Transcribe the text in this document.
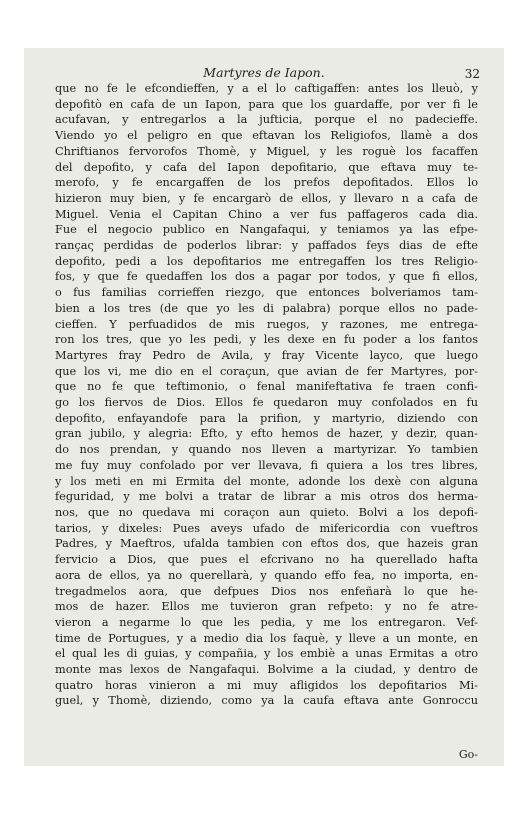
Martyres de Iapon.	32
que no fe le efcondieffen, y a el lo caftigaffen: antes los lleuò, y
depofitò en cafa de un Iapon, para que los guardaffe, por ver fi le
acufavan, y entregarlos a la jufticia, porque el no padecieffe.
Viendo yo el peligro en que eftavan los Religiofos, llamè a dos
Chriftianos fervorofos Thomè, y Miguel, y les roguè los facaffen
del depofito, y cafa del Iapon depofitario, que eftava muy te-
merofo, y fe encargaffen de los prefos depofitados. Ellos lo
hizieron muy bien, y fe encargarò de ellos, y llevaro n a cafa de
Miguel. Venia el Capitan Chino a ver fus paffageros cada dia.
Fue el negocio publico en Nangafaqui, y teniamos ya las efpe-
rançaς perdidas de poderlos librar: y paffados feys dias de efte
depofito, pedi a los depofitarios me entregaffen los tres Religio-
fos, y que fe quedaffen los dos a pagar por todos, y que fi ellos,
o fus familias corrieffen riezgo, que entonces bolveriamos tam-
bien a los tres (de que yo les di palabra) porque ellos no pade-
cieffen. Y perfuadidos de mis ruegos, y razones, me entrega-
ron los tres, que yo les pedi, y les dexe en fu poder a los fantos
Martyres fray Pedro de Avila, y fray Vicente layco, que luego
que los vi, me dio en el coraçun, que avian de fer Martyres, por-
que no fe que teftimonio, o fenal manifeftativa fe traen confi-
go los fiervos de Dios. Ellos fe quedaron muy confolados en fu
depofito, enfayandofe para la prifion, y martyrio, diziendo con
gran jubilo, y alegria: Efto, y efto hemos de hazer, y dezir, quan-
do nos prendan, y quando nos lleven a martyrizar. Yo tambien
me fuy muy confolado por ver llevava, fi quiera a los tres libres,
y los meti en mi Ermita del monte, adonde los dexè con alguna
feguridad, y me bolvi a tratar de librar a mis otros dos herma-
nos, que no quedava mi coraçon aun quieto. Bolvi a los depofi-
tarios, y dixeles: Pues aveys ufado de mifericordia con vueftros
Padres, y Maeftros, ufalda tambien con eftos dos, que hazeis gran
fervicio a Dios, que pues el efcrivano no ha querellado hafta
aora de ellos, ya no querellarà, y quando effo fea, no importa, en-
tregadmelos aora, que defpues Dios nos enfeñarà lo que he-
mos de hazer. Ellos me tuvieron gran refpeto: y no fe atre-
vieron a negarme lo que les pedia, y me los entregaron. Vef-
time de Portugues, y a medio dia los faquè, y lleve a un monte, en
el qual les di guias, y compañia, y los embiè a unas Ermitas a otro
monte mas lexos de Nangafaqui. Bolvime a la ciudad, y dentro de
quatro horas vinieron a mi muy afligidos los depofitarios Mi-
guel, y Thomè, diziendo, como ya la caufa eftava ante Gonroccu
Go-
